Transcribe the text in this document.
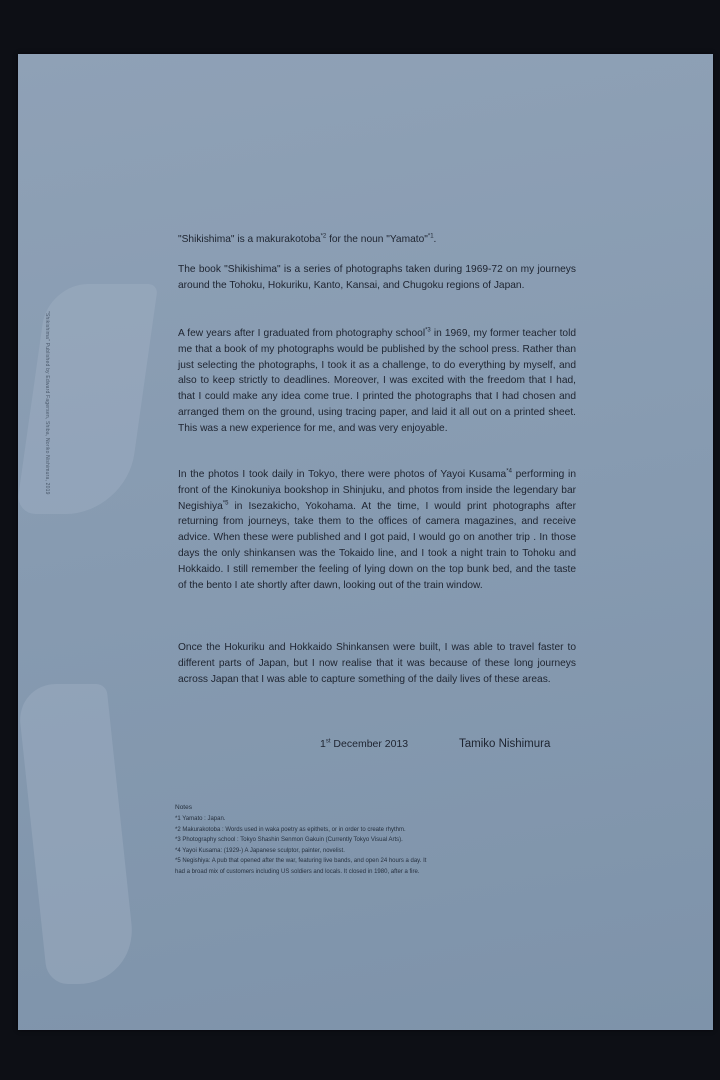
"Shikishima" Published by Edward Fagersen, Shiba, Noriko Nishimura, 2019

"Shikishima" is a makurakotoba$^{*2}$ for the noun "Yamato"$^{*1}$.

The book "Shikishima" is a series of photographs taken during 1969-72 on my journeys around the Tohoku, Hokuriku, Kanto, Kansai, and Chugoku regions of Japan.

A few years after I graduated from photography school$^{*3}$ in 1969, my former teacher told me that a book of my photographs would be published by the school press. Rather than just selecting the photographs, I took it as a challenge, to do everything by myself, and also to keep strictly to deadlines. Moreover, I was excited with the freedom that I had, that I could make any idea come true. I printed the photographs that I had chosen and arranged them on the ground, using tracing paper, and laid it all out on a printed sheet. This was a new experience for me, and was very enjoyable.

In the photos I took daily in Tokyo, there were photos of Yayoi Kusama$^{*4}$ performing in front of the Kinokuniya bookshop in Shinjuku, and photos from inside the legendary bar Negishiya$^{*5}$ in Isezakicho, Yokohama. At the time, I would print photographs after returning from journeys, take them to the offices of camera magazines, and receive advice. When these were published and I got paid, I would go on another trip . In those days the only shinkansen was the Tokaido line, and I took a night train to Tohoku and Hokkaido. I still remember the feeling of lying down on the top bunk bed, and the taste of the bento I ate shortly after dawn, looking out of the train window.

Once the Hokuriku and Hokkaido Shinkansen were built, I was able to travel faster to different parts of Japan, but I now realise that it was because of these long journeys across Japan that I was able to capture something of the daily lives of these areas.

1st December 2013	Tamiko Nishimura
Notes
*1 Yamato : Japan.
*2 Makurakotoba : Words used in waka poetry as epithets, or in order to create rhythm.
*3 Photography school : Tokyo Shashin Senmon Gakuin (Currently Tokyo Visual Arts).
*4 Yayoi Kusama: (1929-) A Japanese sculptor, painter, novelist.
*5 Negishiya: A pub that opened after the war, featuring live bands, and open 24 hours a day. It
had a broad mix of customers including US soldiers and locals. It closed in 1980, after a fire.
